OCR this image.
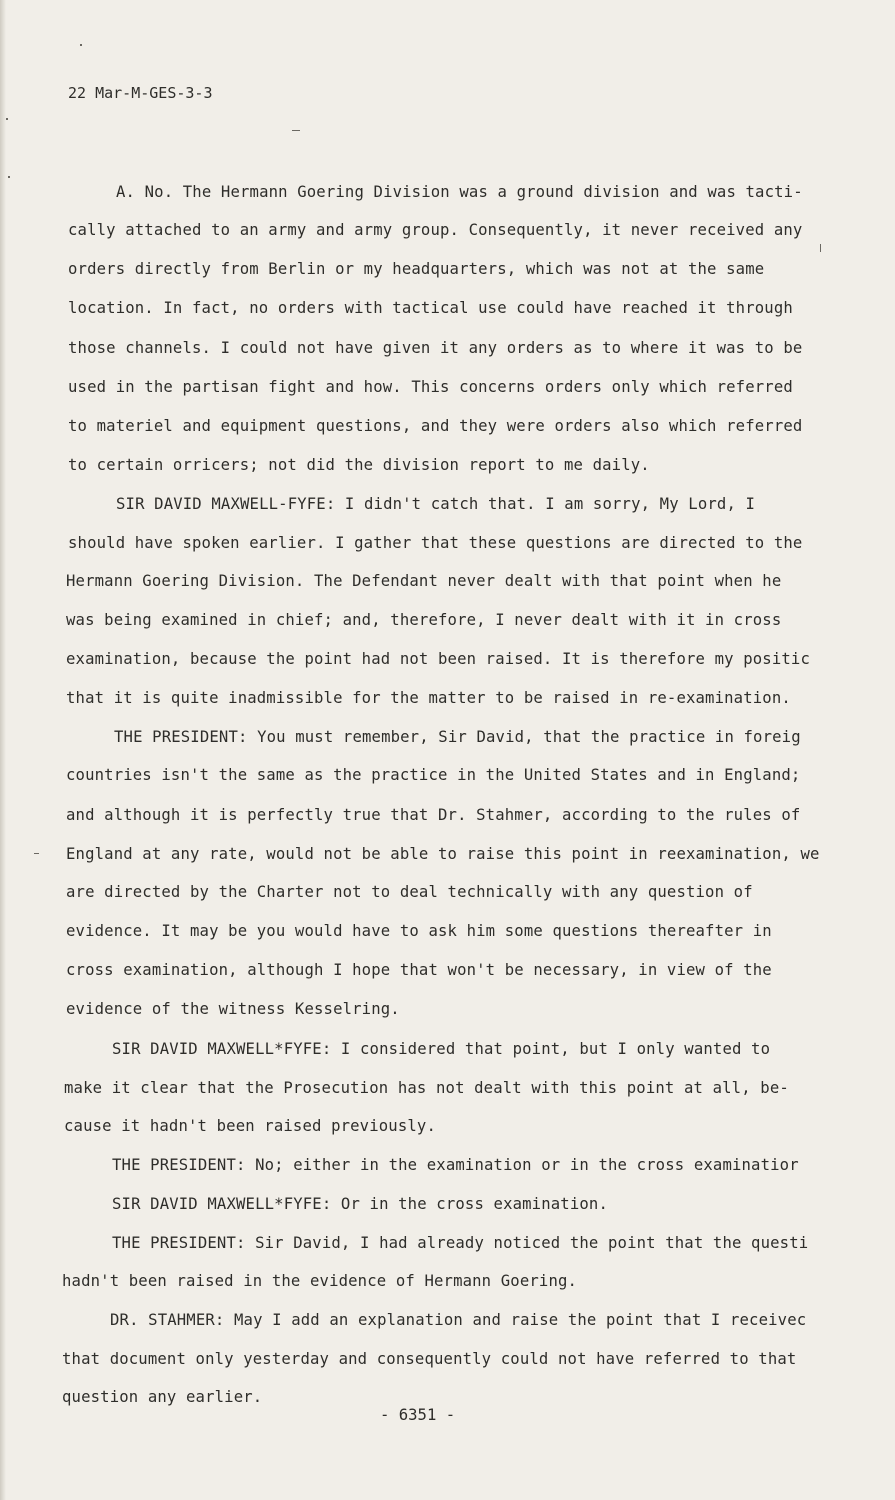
22 Mar-M-GES-3-3
A. No. The Hermann Goering Division was a ground division and was tacti-
cally attached to an army and army group. Consequently, it never received any
orders directly from Berlin or my headquarters, which was not at the same
location. In fact, no orders with tactical use could have reached it through
those channels. I could not have given it any orders as to where it was to be
used in the partisan fight and how. This concerns orders only which referred
to materiel and equipment questions, and they were orders also which referred
to certain orricers; not did the division report to me daily.
SIR DAVID MAXWELL-FYFE: I didn't catch that. I am sorry, My Lord, I
should have spoken earlier. I gather that these questions are directed to the
Hermann Goering Division. The Defendant never dealt with that point when he
was being examined in chief; and, therefore, I never dealt with it in cross
examination, because the point had not been raised. It is therefore my positic
that it is quite inadmissible for the matter to be raised in re-examination.
THE PRESIDENT: You must remember, Sir David, that the practice in foreig
countries isn't the same as the practice in the United States and in England;
and although it is perfectly true that Dr. Stahmer, according to the rules of
England at any rate, would not be able to raise this point in reexamination, we
are directed by the Charter not to deal technically with any question of
evidence. It may be you would have to ask him some questions thereafter in
cross examination, although I hope that won't be necessary, in view of the
evidence of the witness Kesselring.
SIR DAVID MAXWELL*FYFE: I considered that point, but I only wanted to
make it clear that the Prosecution has not dealt with this point at all, be-
cause it hadn't been raised previously.
THE PRESIDENT: No; either in the examination or in the cross examinatior
SIR DAVID MAXWELL*FYFE: Or in the cross examination.
THE PRESIDENT: Sir David, I had already noticed the point that the questi
hadn't been raised in the evidence of Hermann Goering.
DR. STAHMER: May I add an explanation and raise the point that I receivec
that document only yesterday and consequently could not have referred to that
question any earlier.
- 6351 -
